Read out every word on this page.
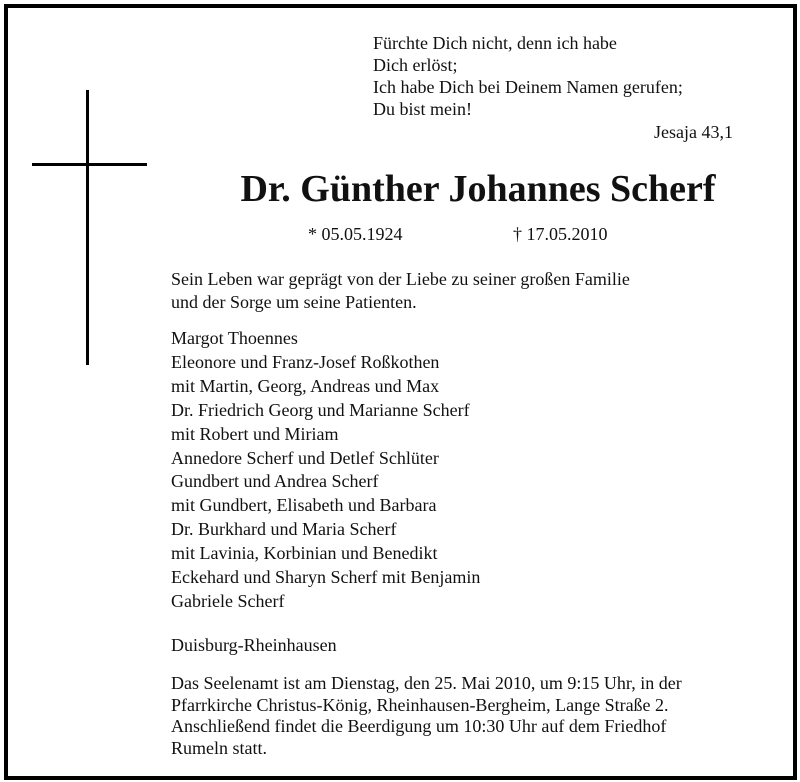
Fürchte Dich nicht, denn ich habe
Dich erlöst;
Ich habe Dich bei Deinem Namen gerufen;
Du bist mein!
Jesaja 43,1
Dr. Günther Johannes Scherf
* 05.05.1924	† 17.05.2010
Sein Leben war geprägt von der Liebe zu seiner großen Familie
und der Sorge um seine Patienten.
Margot Thoennes
Eleonore und Franz-Josef Roßkothen
mit Martin, Georg, Andreas und Max
Dr. Friedrich Georg und Marianne Scherf
mit Robert und Miriam
Annedore Scherf und Detlef Schlüter
Gundbert und Andrea Scherf
mit Gundbert, Elisabeth und Barbara
Dr. Burkhard und Maria Scherf
mit Lavinia, Korbinian und Benedikt
Eckehard und Sharyn Scherf mit Benjamin
Gabriele Scherf
Duisburg-Rheinhausen
Das Seelenamt ist am Dienstag, den 25. Mai 2010, um 9:15 Uhr, in der
Pfarrkirche Christus-König, Rheinhausen-Bergheim, Lange Straße 2.
Anschließend findet die Beerdigung um 10:30 Uhr auf dem Friedhof
Rumeln statt.
